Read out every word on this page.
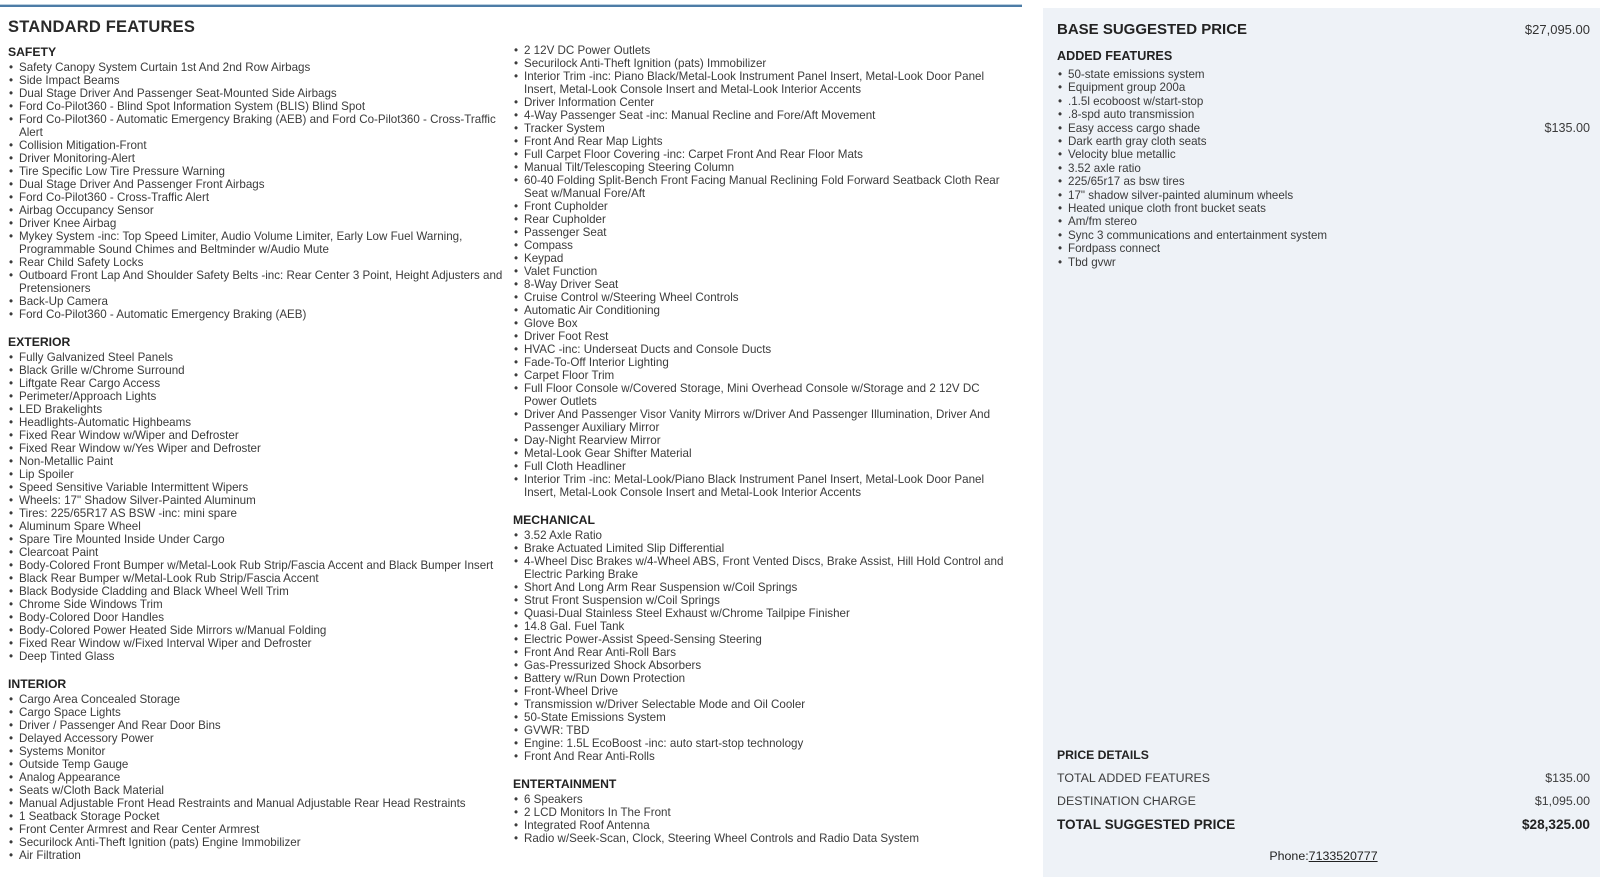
STANDARD FEATURES
SAFETY
• Safety Canopy System Curtain 1st And 2nd Row Airbags
• Side Impact Beams
• Dual Stage Driver And Passenger Seat-Mounted Side Airbags
• Ford Co-Pilot360 - Blind Spot Information System (BLIS) Blind Spot
• Ford Co-Pilot360 - Automatic Emergency Braking (AEB) and Ford Co-Pilot360 - Cross-Traffic Alert
• Collision Mitigation-Front
• Driver Monitoring-Alert
• Tire Specific Low Tire Pressure Warning
• Dual Stage Driver And Passenger Front Airbags
• Ford Co-Pilot360 - Cross-Traffic Alert
• Airbag Occupancy Sensor
• Driver Knee Airbag
• Mykey System -inc: Top Speed Limiter, Audio Volume Limiter, Early Low Fuel Warning, Programmable Sound Chimes and Beltminder w/Audio Mute
• Rear Child Safety Locks
• Outboard Front Lap And Shoulder Safety Belts -inc: Rear Center 3 Point, Height Adjusters and Pretensioners
• Back-Up Camera
• Ford Co-Pilot360 - Automatic Emergency Braking (AEB)
EXTERIOR
• Fully Galvanized Steel Panels
• Black Grille w/Chrome Surround
• Liftgate Rear Cargo Access
• Perimeter/Approach Lights
• LED Brakelights
• Headlights-Automatic Highbeams
• Fixed Rear Window w/Wiper and Defroster
• Fixed Rear Window w/Yes Wiper and Defroster
• Non-Metallic Paint
• Lip Spoiler
• Speed Sensitive Variable Intermittent Wipers
• Wheels: 17" Shadow Silver-Painted Aluminum
• Tires: 225/65R17 AS BSW -inc: mini spare
• Aluminum Spare Wheel
• Spare Tire Mounted Inside Under Cargo
• Clearcoat Paint
• Body-Colored Front Bumper w/Metal-Look Rub Strip/Fascia Accent and Black Bumper Insert
• Black Rear Bumper w/Metal-Look Rub Strip/Fascia Accent
• Black Bodyside Cladding and Black Wheel Well Trim
• Chrome Side Windows Trim
• Body-Colored Door Handles
• Body-Colored Power Heated Side Mirrors w/Manual Folding
• Fixed Rear Window w/Fixed Interval Wiper and Defroster
• Deep Tinted Glass
INTERIOR
• Cargo Area Concealed Storage
• Cargo Space Lights
• Driver / Passenger And Rear Door Bins
• Delayed Accessory Power
• Systems Monitor
• Outside Temp Gauge
• Analog Appearance
• Seats w/Cloth Back Material
• Manual Adjustable Front Head Restraints and Manual Adjustable Rear Head Restraints
• 1 Seatback Storage Pocket
• Front Center Armrest and Rear Center Armrest
• Securilock Anti-Theft Ignition (pats) Engine Immobilizer
• Air Filtration
• 2 12V DC Power Outlets
• Securilock Anti-Theft Ignition (pats) Immobilizer
• Interior Trim -inc: Piano Black/Metal-Look Instrument Panel Insert, Metal-Look Door Panel Insert, Metal-Look Console Insert and Metal-Look Interior Accents
• Driver Information Center
• 4-Way Passenger Seat -inc: Manual Recline and Fore/Aft Movement
• Tracker System
• Front And Rear Map Lights
• Full Carpet Floor Covering -inc: Carpet Front And Rear Floor Mats
• Manual Tilt/Telescoping Steering Column
• 60-40 Folding Split-Bench Front Facing Manual Reclining Fold Forward Seatback Cloth Rear Seat w/Manual Fore/Aft
• Front Cupholder
• Rear Cupholder
• Passenger Seat
• Compass
• Keypad
• Valet Function
• 8-Way Driver Seat
• Cruise Control w/Steering Wheel Controls
• Automatic Air Conditioning
• Glove Box
• Driver Foot Rest
• HVAC -inc: Underseat Ducts and Console Ducts
• Fade-To-Off Interior Lighting
• Carpet Floor Trim
• Full Floor Console w/Covered Storage, Mini Overhead Console w/Storage and 2 12V DC Power Outlets
• Driver And Passenger Visor Vanity Mirrors w/Driver And Passenger Illumination, Driver And Passenger Auxiliary Mirror
• Day-Night Rearview Mirror
• Metal-Look Gear Shifter Material
• Full Cloth Headliner
• Interior Trim -inc: Metal-Look/Piano Black Instrument Panel Insert, Metal-Look Door Panel Insert, Metal-Look Console Insert and Metal-Look Interior Accents
MECHANICAL
• 3.52 Axle Ratio
• Brake Actuated Limited Slip Differential
• 4-Wheel Disc Brakes w/4-Wheel ABS, Front Vented Discs, Brake Assist, Hill Hold Control and Electric Parking Brake
• Short And Long Arm Rear Suspension w/Coil Springs
• Strut Front Suspension w/Coil Springs
• Quasi-Dual Stainless Steel Exhaust w/Chrome Tailpipe Finisher
• 14.8 Gal. Fuel Tank
• Electric Power-Assist Speed-Sensing Steering
• Front And Rear Anti-Roll Bars
• Gas-Pressurized Shock Absorbers
• Battery w/Run Down Protection
• Front-Wheel Drive
• Transmission w/Driver Selectable Mode and Oil Cooler
• 50-State Emissions System
• GVWR: TBD
• Engine: 1.5L EcoBoost -inc: auto start-stop technology
• Front And Rear Anti-Rolls
ENTERTAINMENT
• 6 Speakers
• 2 LCD Monitors In The Front
• Integrated Roof Antenna
• Radio w/Seek-Scan, Clock, Steering Wheel Controls and Radio Data System
BASE SUGGESTED PRICE	$27,095.00
ADDED FEATURES
• 50-state emissions system
• Equipment group 200a
• .1.5l ecoboost w/start-stop
• .8-spd auto transmission
• Easy access cargo shade	$135.00
• Dark earth gray cloth seats
• Velocity blue metallic
• 3.52 axle ratio
• 225/65r17 as bsw tires
• 17" shadow silver-painted aluminum wheels
• Heated unique cloth front bucket seats
• Am/fm stereo
• Sync 3 communications and entertainment system
• Fordpass connect
• Tbd gvwr
PRICE DETAILS
TOTAL ADDED FEATURES	$135.00
DESTINATION CHARGE	$1,095.00
TOTAL SUGGESTED PRICE	$28,325.00
Phone:7133520777
